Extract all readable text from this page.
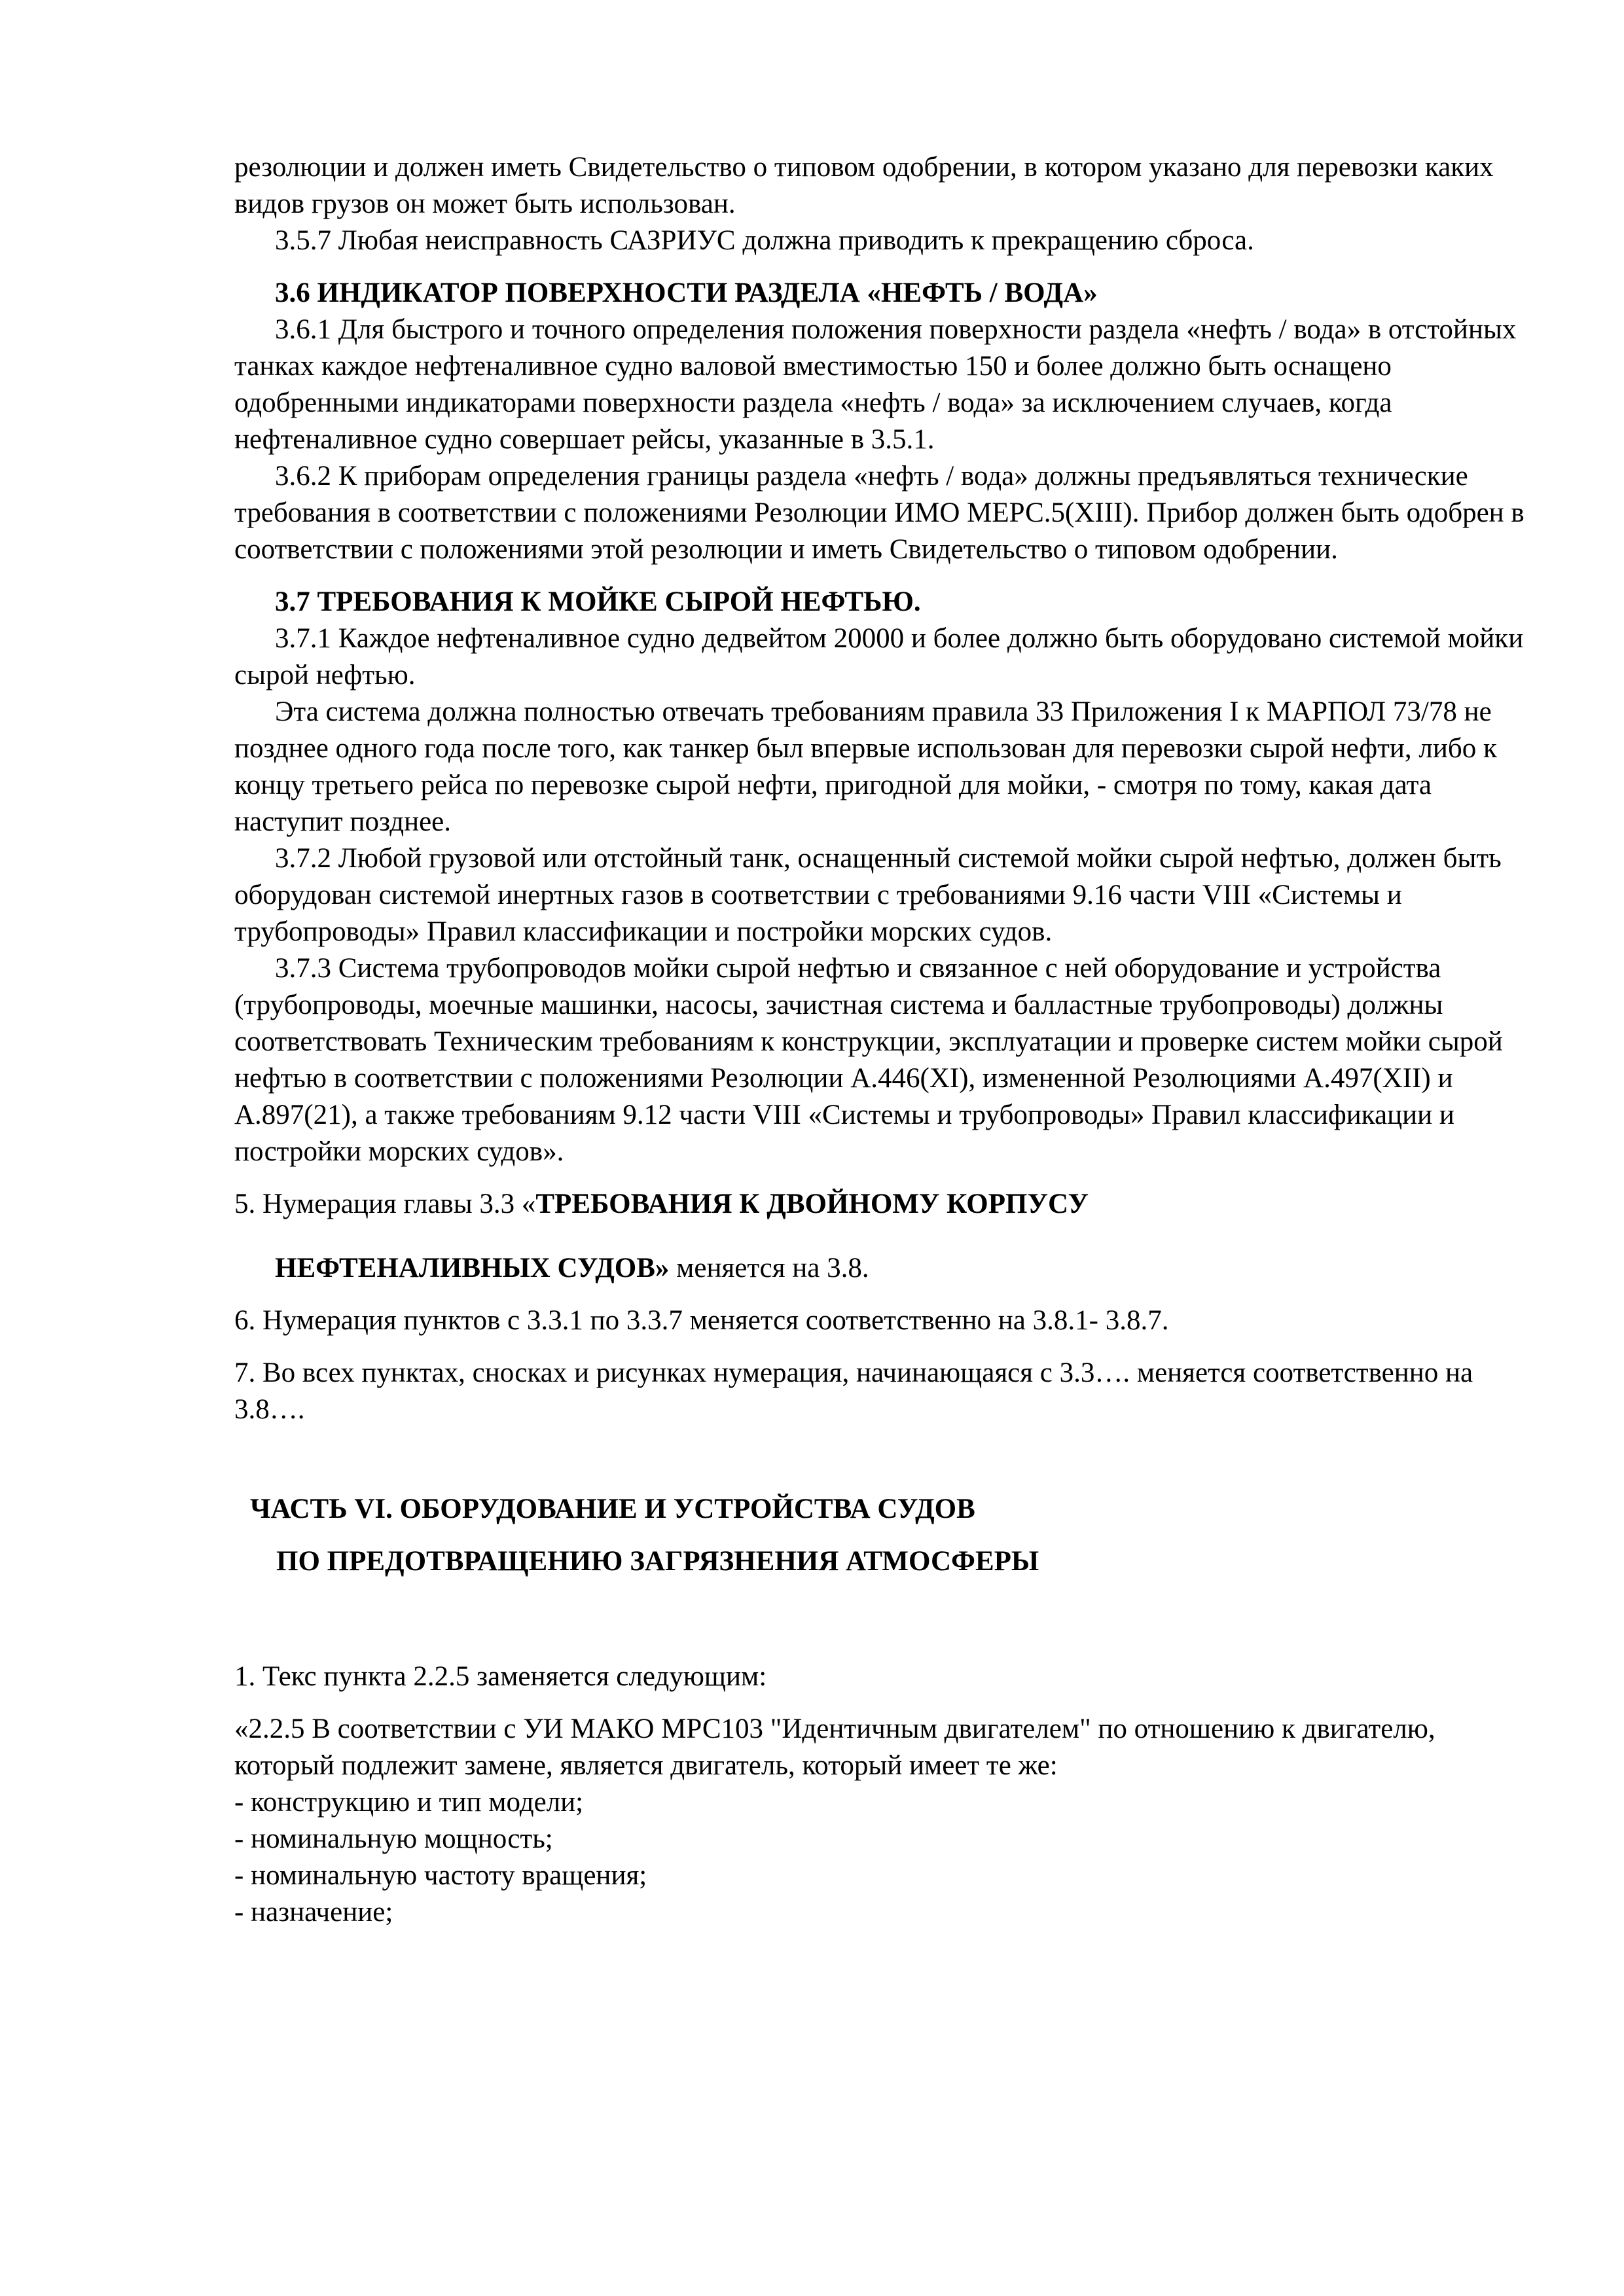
резолюции и должен иметь Свидетельство о типовом одобрении, в котором указано для перевозки каких видов грузов он может быть использован.

3.5.7 Любая неисправность САЗРИУС должна приводить к прекращению сброса.

3.6 ИНДИКАТОР ПОВЕРХНОСТИ РАЗДЕЛА «НЕФТЬ / ВОДА»

3.6.1 Для быстрого и точного определения положения поверхности раздела «нефть / вода» в отстойных танках каждое нефтеналивное судно валовой вместимостью 150 и более должно быть оснащено одобренными индикаторами поверхности раздела «нефть / вода» за исключением случаев, когда нефтеналивное судно совершает рейсы, указанные в 3.5.1.

3.6.2 К приборам определения границы раздела «нефть / вода» должны предъявляться технические требования в соответствии с положениями Резолюции ИМО МЕРС.5(XIII). Прибор должен быть одобрен в соответствии с положениями этой резолюции и иметь Свидетельство о типовом одобрении.

3.7 ТРЕБОВАНИЯ К МОЙКЕ СЫРОЙ НЕФТЬЮ.

3.7.1 Каждое нефтеналивное судно дедвейтом 20000 и более должно быть оборудовано системой мойки сырой нефтью.

Эта система должна полностью отвечать требованиям правила 33 Приложения I к МАРПОЛ 73/78 не позднее одного года после того, как танкер был впервые использован для перевозки сырой нефти, либо к концу третьего рейса по перевозке сырой нефти, пригодной для мойки, - смотря по тому, какая дата наступит позднее.

3.7.2 Любой грузовой или отстойный танк, оснащенный системой мойки сырой нефтью, должен быть оборудован системой инертных газов в соответствии с требованиями 9.16 части VIII «Системы и трубопроводы» Правил классификации и постройки морских судов.

3.7.3 Система трубопроводов мойки сырой нефтью и связанное с ней оборудование и устройства (трубопроводы, моечные машинки, насосы, зачистная система и балластные трубопроводы) должны соответствовать Техническим требованиям к конструкции, эксплуатации и проверке систем мойки сырой нефтью в соответствии с положениями Резолюции А.446(XI), измененной Резолюциями А.497(XII) и А.897(21), а также требованиям 9.12 части VIII «Системы и трубопроводы» Правил классификации и постройки морских судов».

5. Нумерация главы 3.3 «ТРЕБОВАНИЯ К ДВОЙНОМУ КОРПУСУ

НЕФТЕНАЛИВНЫХ СУДОВ» меняется на 3.8.

6. Нумерация пунктов с 3.3.1 по 3.3.7 меняется соответственно на 3.8.1- 3.8.7.

7. Во всех пунктах, сносках и рисунках нумерация, начинающаяся с 3.3…. меняется соответственно на 3.8….

ЧАСТЬ VI. ОБОРУДОВАНИЕ И УСТРОЙСТВА СУДОВ

ПО ПРЕДОТВРАЩЕНИЮ ЗАГРЯЗНЕНИЯ АТМОСФЕРЫ

1. Текс пункта 2.2.5 заменяется следующим:

«2.2.5 В соответствии с УИ МАКО МРС103 "Идентичным двигателем" по отношению к двигателю, который подлежит замене, является двигатель, который имеет те же:

- конструкцию и тип модели;

- номинальную мощность;

- номинальную частоту вращения;

- назначение;
